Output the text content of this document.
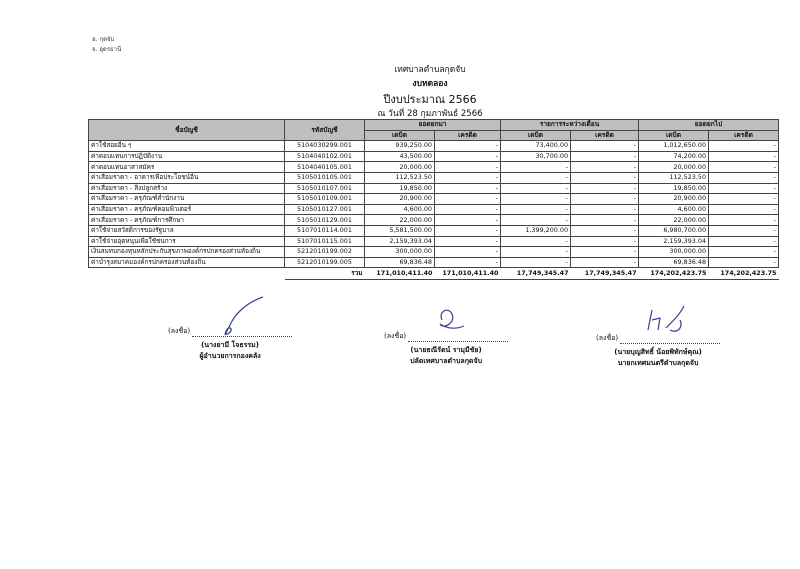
ฮ. กุดจับ
จ. อุดรธานี
เทศบาลตำบลกุดจับ
งบทดลอง
ปีงบประมาณ 2566
ณ วันที่ 28 กุมภาพันธ์ 2566
ชื่อบัญชี	รหัสบัญชี	ยอดยกมา		รายการระหว่างเดือน		ยอดยกไป	
		เดบิต	เครดิต	เดบิต	เครดิต	เดบิต	เครดิต
ค่าใช้สอยอื่น ๆ	5104030299.001	939,250.00	-	73,400.00	-	1,012,650.00	-
ค่าตอบแทนการปฏิบัติงาน	5104040102.001	43,500.00	-	30,700.00	-	74,200.00	-
ค่าตอบแทนอาสาสมัคร	5104040105.001	20,000.00	-	-	-	20,000.00	-
ค่าเสื่อมราคา - อาคารเพื่อประโยชน์อื่น	5105010105.001	112,523.50	-	-	-	112,523.50	-
ค่าเสื่อมราคา - สิ่งปลูกสร้าง	5105010107.001	19,850.00	-	-	-	19,850.00	-
ค่าเสื่อมราคา - ครุภัณฑ์สำนักงาน	5105010109.001	20,900.00	-	-	-	20,900.00	-
ค่าเสื่อมราคา - ครุภัณฑ์คอมพิวเตอร์	5105010127.001	4,600.00	-	-	-	4,600.00	-
ค่าเสื่อมราคา - ครุภัณฑ์การศึกษา	5105010129.001	22,000.00	-	-	-	22,000.00	-
ค่าใช้จ่ายสวัสดิการของรัฐบาล	5107010114.001	5,581,500.00	-	1,399,200.00	-	6,980,700.00	-
ค่าใช้จ่ายอุดหนุนเพื่อใช้ชนการ	5107010115.001	2,159,393.04	-	-	-	2,159,393.04	-
เงินสมทบกองทุนหลักประกันสุขภาพองค์กรปกครองส่วนท้องถิ่น	5212010199.002	300,000.00	-	-	-	300,000.00	-
ค่าบำรุงสมาคมองค์กรปกครองส่วนท้องถิ่น	5212010199.005	69,836.48	-	-	-	69,836.48	-
	รวม	171,010,411.40	171,010,411.40	17,749,345.47	17,749,345.47	174,202,423.75	174,202,423.75
(ลงชื่อ)
(นางยามี โจธรรม)
ผู้อำนวยการกองคลัง
(ลงชื่อ)
(นายธณีรัตน์ รามุมีชัย)
ปลัดเทศบาลตำบลกุดจับ
(ลงชื่อ)
(นายบุญสิทธิ์ น้อยพิทักษ์คุณ)
นายกเทศมนตรีตำบลกุดจับ
